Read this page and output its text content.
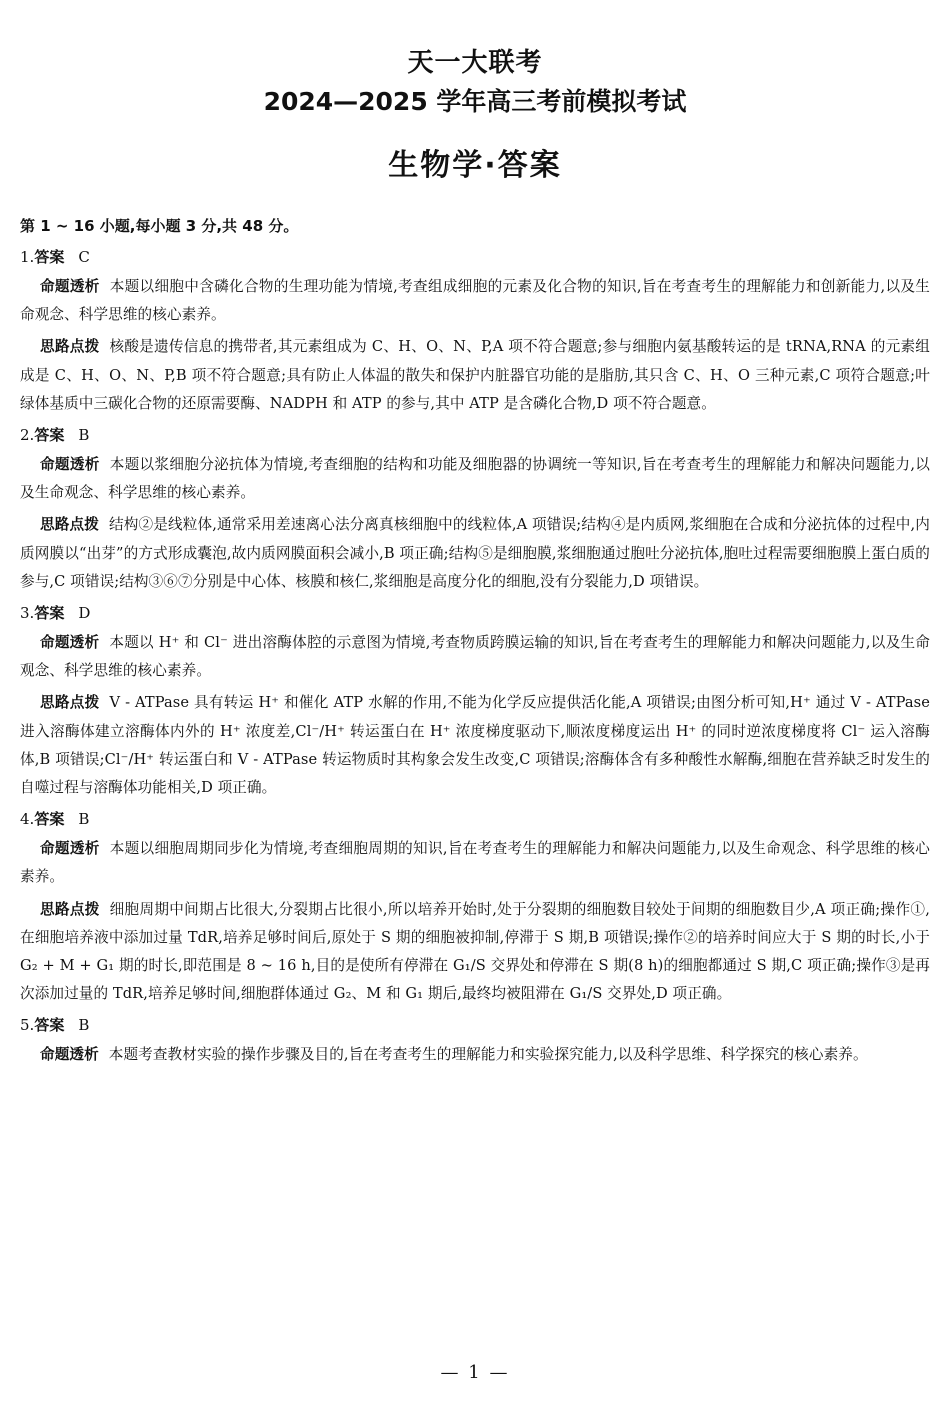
天一大联考
2024—2025 学年高三考前模拟考试
生物学·答案
第 1 ~ 16 小题,每小题 3 分,共 48 分。
1.答案 C
命题透析 本题以细胞中含磷化合物的生理功能为情境,考查组成细胞的元素及化合物的知识,旨在考查考生的理解能力和创新能力,以及生命观念、科学思维的核心素养。
思路点拨 核酸是遗传信息的携带者,其元素组成为 C、H、O、N、P,A 项不符合题意;参与细胞内氨基酸转运的是 tRNA,RNA 的元素组成是 C、H、O、N、P,B 项不符合题意;具有防止人体温的散失和保护内脏器官功能的是脂肪,其只含 C、H、O 三种元素,C 项符合题意;叶绿体基质中三碳化合物的还原需要酶、NADPH 和 ATP 的参与,其中 ATP 是含磷化合物,D 项不符合题意。
2.答案 B
命题透析 本题以浆细胞分泌抗体为情境,考查细胞的结构和功能及细胞器的协调统一等知识,旨在考查考生的理解能力和解决问题能力,以及生命观念、科学思维的核心素养。
思路点拨 结构②是线粒体,通常采用差速离心法分离真核细胞中的线粒体,A 项错误;结构④是内质网,浆细胞在合成和分泌抗体的过程中,内质网膜以“出芽”的方式形成囊泡,故内质网膜面积会减小,B 项正确;结构⑤是细胞膜,浆细胞通过胞吐分泌抗体,胞吐过程需要细胞膜上蛋白质的参与,C 项错误;结构③⑥⑦分别是中心体、核膜和核仁,浆细胞是高度分化的细胞,没有分裂能力,D 项错误。
3.答案 D
命题透析 本题以 H⁺ 和 Cl⁻ 进出溶酶体腔的示意图为情境,考查物质跨膜运输的知识,旨在考查考生的理解能力和解决问题能力,以及生命观念、科学思维的核心素养。
思路点拨 V - ATPase 具有转运 H⁺ 和催化 ATP 水解的作用,不能为化学反应提供活化能,A 项错误;由图分析可知,H⁺ 通过 V - ATPase 进入溶酶体建立溶酶体内外的 H⁺ 浓度差,Cl⁻/H⁺ 转运蛋白在 H⁺ 浓度梯度驱动下,顺浓度梯度运出 H⁺ 的同时逆浓度梯度将 Cl⁻ 运入溶酶体,B 项错误;Cl⁻/H⁺ 转运蛋白和 V - ATPase 转运物质时其构象会发生改变,C 项错误;溶酶体含有多种酸性水解酶,细胞在营养缺乏时发生的自噬过程与溶酶体功能相关,D 项正确。
4.答案 B
命题透析 本题以细胞周期同步化为情境,考查细胞周期的知识,旨在考查考生的理解能力和解决问题能力,以及生命观念、科学思维的核心素养。
思路点拨 细胞周期中间期占比很大,分裂期占比很小,所以培养开始时,处于分裂期的细胞数目较处于间期的细胞数目少,A 项正确;操作①,在细胞培养液中添加过量 TdR,培养足够时间后,原处于 S 期的细胞被抑制,停滞于 S 期,B 项错误;操作②的培养时间应大于 S 期的时长,小于 G₂ + M + G₁ 期的时长,即范围是 8 ~ 16 h,目的是使所有停滞在 G₁/S 交界处和停滞在 S 期(8 h)的细胞都通过 S 期,C 项正确;操作③是再次添加过量的 TdR,培养足够时间,细胞群体通过 G₂、M 和 G₁ 期后,最终均被阻滞在 G₁/S 交界处,D 项正确。
5.答案 B
命题透析 本题考查教材实验的操作步骤及目的,旨在考查考生的理解能力和实验探究能力,以及科学思维、科学探究的核心素养。
— 1 —
